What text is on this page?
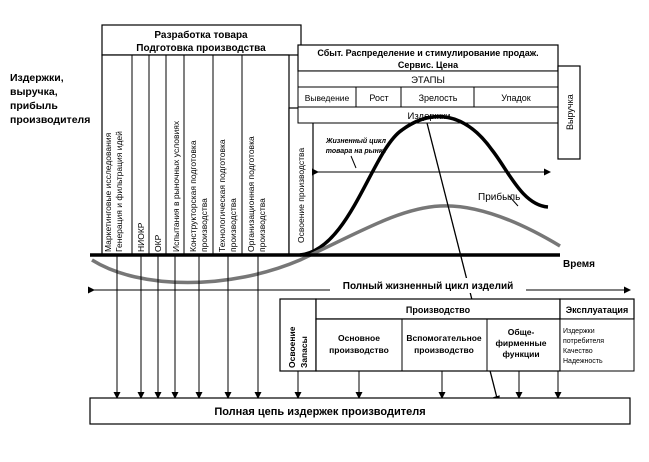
Издержки,
выручка,
прибыль
производителя
Разработка товара
Подготовка производства
Маркетинговые исследования Генерация и фильтрация идей НИОКР ОКР Испытания в рыночных условиях Конструкторская подготовка производства Технологическая подготовка производства Организационная подготовка производства	Освоение производства
Сбыт. Распределение и стимулирование продаж.
Сервис. Цена
ЭТАПЫ
Выведение Рост	Зрелость	Упадок
Издержки	Выручка
Время
Прибыль
Жизненный цикл
товара на рынке
Полный жизненный цикл изделий
Освоение Запасы
Производство	Эксплуатация
Основное
производство
Вспомогательное
производство
Обще-
фирменные
функции
Издержки
потребителя
Качество
Надежность
Полная цепь издержек производителя
